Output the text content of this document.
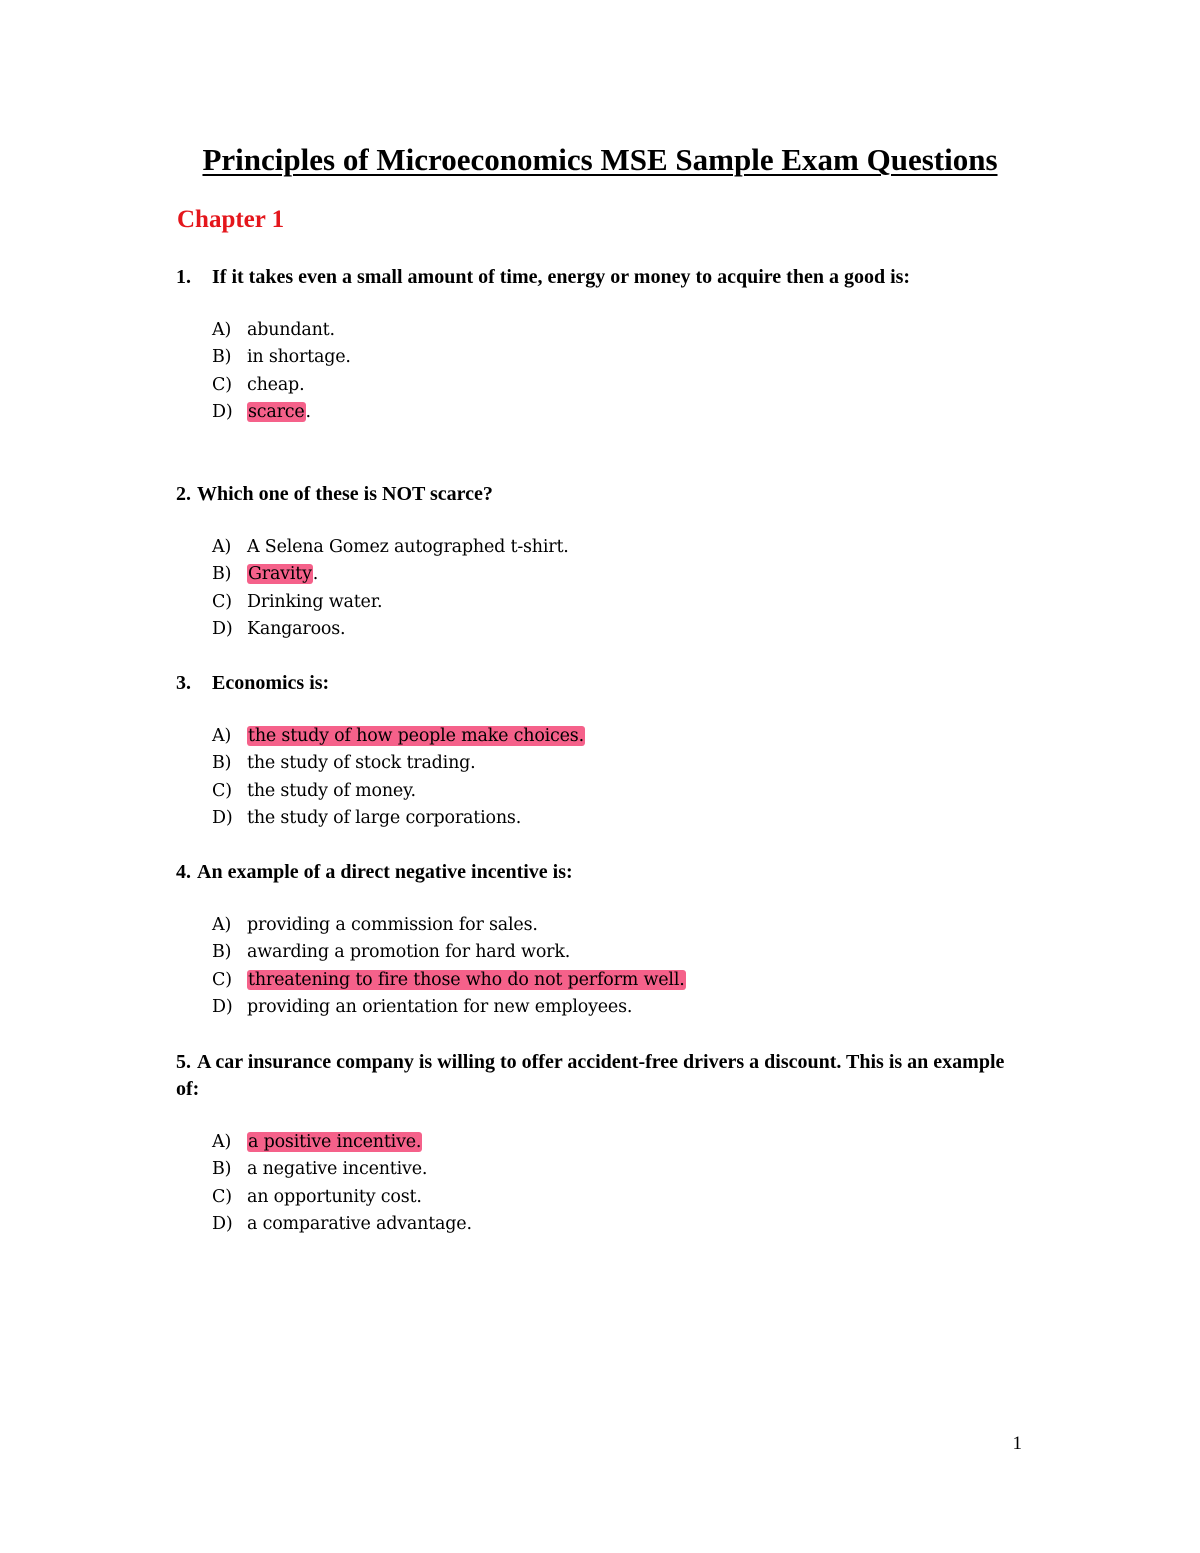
Principles of Microeconomics MSE Sample Exam Questions
Chapter 1
1.	If it takes even a small amount of time, energy or money to acquire then a good is:
A) abundant.
B) in shortage.
C) cheap.
D) scarce.
2. Which one of these is NOT scarce?
A) A Selena Gomez autographed t-shirt.
B) Gravity.
C) Drinking water.
D) Kangaroos.
3.	Economics is:
A) the study of how people make choices.
B) the study of stock trading.
C) the study of money.
D) the study of large corporations.
4. An example of a direct negative incentive is:
A) providing a commission for sales.
B) awarding a promotion for hard work.
C) threatening to fire those who do not perform well.
D) providing an orientation for new employees.
5. A car insurance company is willing to offer accident-free drivers a discount. This is an example of:
A) a positive incentive.
B) a negative incentive.
C) an opportunity cost.
D) a comparative advantage.

1
